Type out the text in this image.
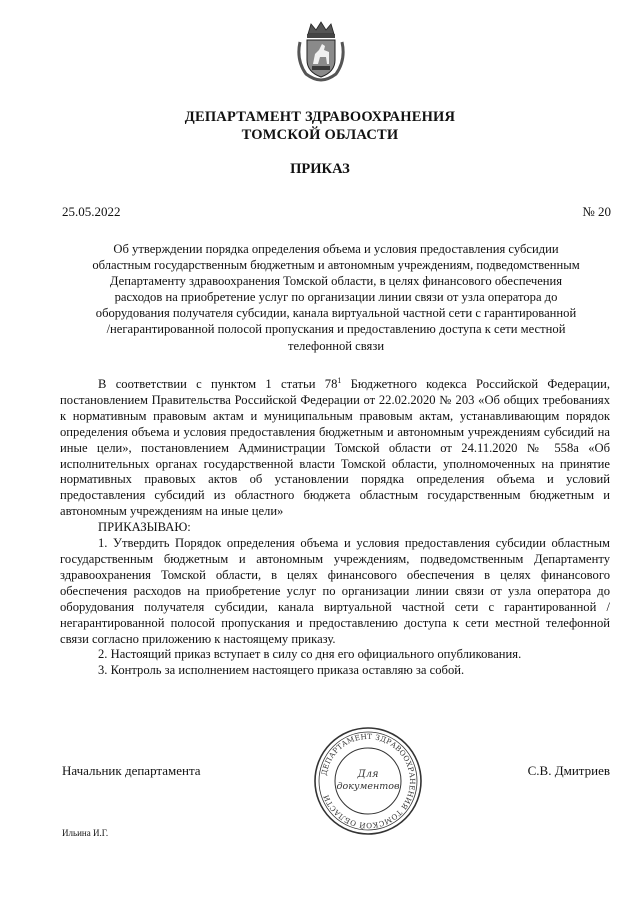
ДЕПАРТАМЕНТ ЗДРАВООХРАНЕНИЯ
ТОМСКОЙ ОБЛАСТИ
ПРИКАЗ
25.05.2022	№ 20
Об утверждении порядка определения объема и условия предоставления субсидии
областным государственным бюджетным и автономным учреждениям, подведомственным
Департаменту здравоохранения Томской области, в целях финансового обеспечения
расходов на приобретение услуг по организации линии связи от узла оператора до
оборудования получателя субсидии, канала виртуальной частной сети с гарантированной
/негарантированной полосой пропускания и предоставлению доступа к сети местной
телефонной связи

В соответствии с пунктом 1 статьи $78^1$ Бюджетного кодекса Российской Федерации, постановлением Правительства Российской Федерации от 22.02.2020 № 203 «Об общих требованиях к нормативным правовым актам и муниципальным правовым актам, устанавливающим порядок определения объема и условия предоставления бюджетным и автономным учреждениям субсидий на иные цели», постановлением Администрации Томской области от 24.11.2020 № 558а «Об исполнительных органах государственной власти Томской области, уполномоченных на принятие нормативных правовых актов об установлении порядка определения объема и условий предоставления субсидий из областного бюджета областным государственным бюджетным и автономным учреждениям на иные цели»

ПРИКАЗЫВАЮ:

1. Утвердить Порядок определения объема и условия предоставления субсидии областным государственным бюджетным и автономным учреждениям, подведомственным Департаменту здравоохранения Томской области, в целях финансового обеспечения в целях финансового обеспечения расходов на приобретение услуг по организации линии связи от узла оператора до оборудования получателя субсидии, канала виртуальной частной сети с гарантированной /негарантированной полосой пропускания и предоставлению доступа к сети местной телефонной связи согласно приложению к настоящему приказу.

2. Настоящий приказ вступает в силу со дня его официального опубликования.

3. Контроль за исполнением настоящего приказа оставляю за собой.

Начальник департамента	ДЕПАРТАМЕНТ ЗДРАВООХРАНЕНИЯ ТОМСКОЙ ОБЛАСТИ
Для
документов
С.В. Дмитриев
Ильина И.Г.
